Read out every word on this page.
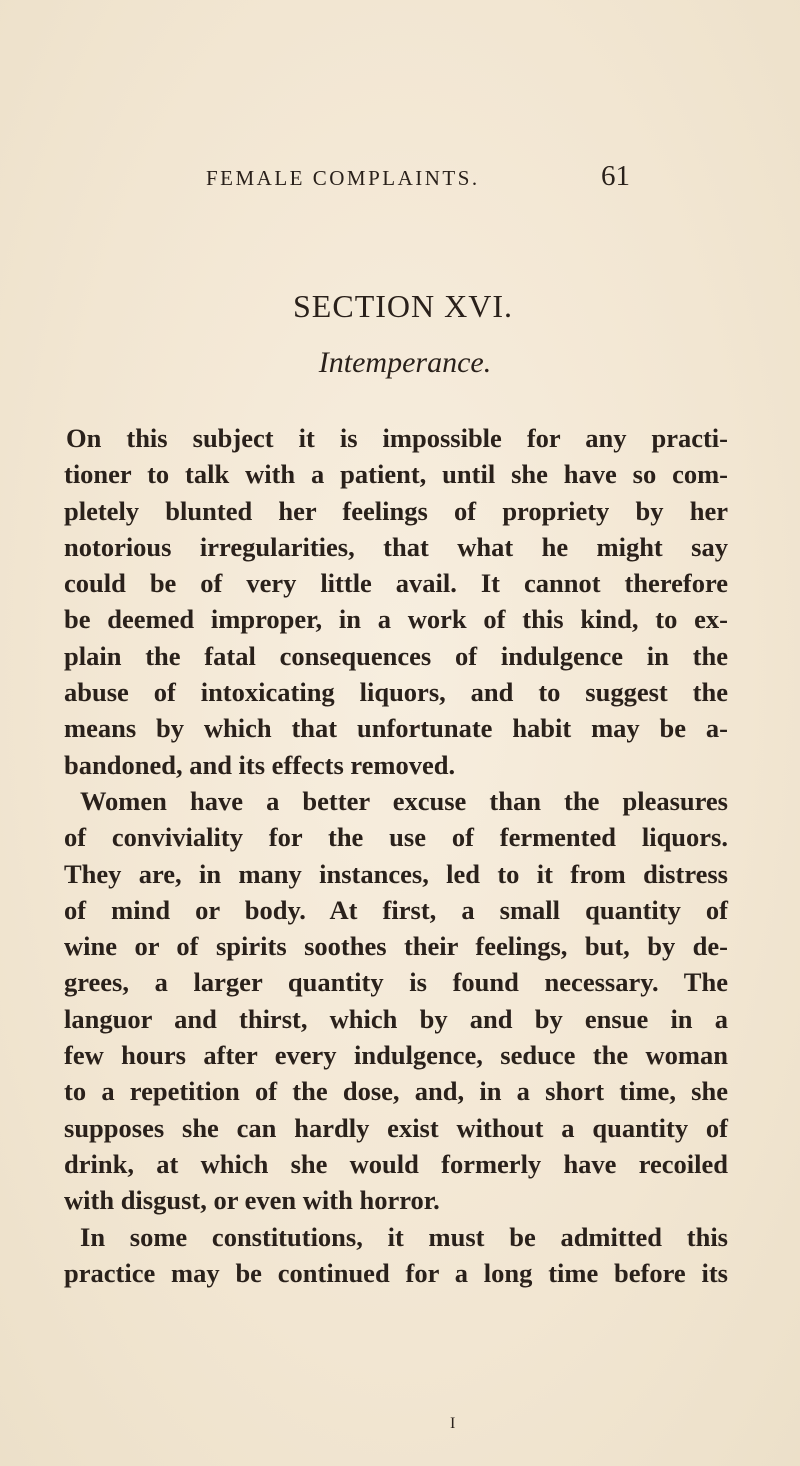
FEMALE COMPLAINTS.	61
SECTION XVI.
Intemperance.
On this subject it is impossible for any practi-
tioner to talk with a patient, until she have so com-
pletely blunted her feelings of propriety by her
notorious irregularities, that what he might say
could be of very little avail. It cannot therefore
be deemed improper, in a work of this kind, to ex-
plain the fatal consequences of indulgence in the
abuse of intoxicating liquors, and to suggest the
means by which that unfortunate habit may be a-
bandoned, and its effects removed.
Women have a better excuse than the pleasures
of conviviality for the use of fermented liquors.
They are, in many instances, led to it from distress
of mind or body. At first, a small quantity of
wine or of spirits soothes their feelings, but, by de-
grees, a larger quantity is found necessary. The
languor and thirst, which by and by ensue in a
few hours after every indulgence, seduce the woman
to a repetition of the dose, and, in a short time, she
supposes she can hardly exist without a quantity of
drink, at which she would formerly have recoiled
with disgust, or even with horror.
In some constitutions, it must be admitted this
practice may be continued for a long time before its
I
